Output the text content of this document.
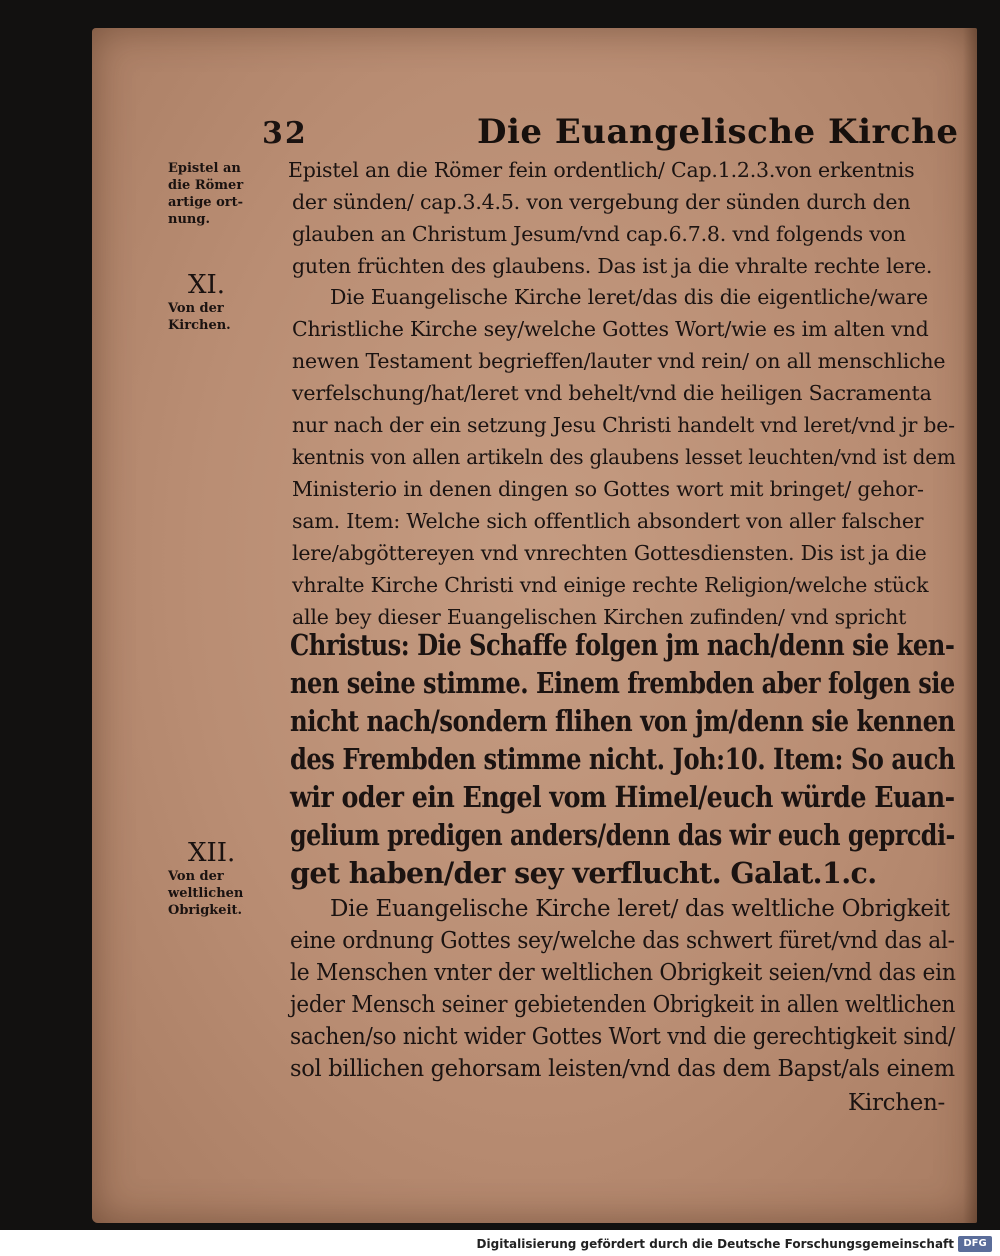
32	Die Euangelische Kirche
Epistel an
die Römer
artige ort-
nung.
XI.
Von der
Kirchen.
XII.
Von der
weltlichen
Obrigkeit.
Epistel an die Römer fein ordentlich/ Cap.1.2.3.von erkentnis
der sünden/ cap.3.4.5. von vergebung der sünden durch den
glauben an Christum Jesum/vnd cap.6.7.8. vnd folgends von
guten früchten des glaubens. Das ist ja die vhralte rechte lere.
Die Euangelische Kirche leret/das dis die eigentliche/ware
Christliche Kirche sey/welche Gottes Wort/wie es im alten vnd
newen Testament begrieffen/lauter vnd rein/ on all menschliche
verfelschung/hat/leret vnd behelt/vnd die heiligen Sacramenta
nur nach der ein setzung Jesu Christi handelt vnd leret/vnd jr be-
kentnis von allen artikeln des glaubens lesset leuchten/vnd ist dem
Ministerio in denen dingen so Gottes wort mit bringet/ gehor-
sam. Item: Welche sich offentlich absondert von aller falscher
lere/abgöttereyen vnd vnrechten Gottesdiensten. Dis ist ja die
vhralte Kirche Christi vnd einige rechte Religion/welche stück
alle bey dieser Euangelischen Kirchen zufinden/ vnd spricht
Christus: Die Schaffe folgen jm nach/denn sie ken-
nen seine stimme. Einem frembden aber folgen sie
nicht nach/sondern flihen von jm/denn sie kennen
des Frembden stimme nicht. Joh:10. Item: So auch
wir oder ein Engel vom Himel/euch würde Euan-
gelium predigen anders/denn das wir euch geprcdi-
get haben/der sey verflucht. Galat.1.c.
Die Euangelische Kirche leret/ das weltliche Obrigkeit
eine ordnung Gottes sey/welche das schwert füret/vnd das al-
le Menschen vnter der weltlichen Obrigkeit seien/vnd das ein
jeder Mensch seiner gebietenden Obrigkeit in allen weltlichen
sachen/so nicht wider Gottes Wort vnd die gerechtigkeit sind/
sol billichen gehorsam leisten/vnd das dem Bapst/als einem
Kirchen-
Digitalisierung gefördert durch die Deutsche Forschungsgemeinschaft DFG
